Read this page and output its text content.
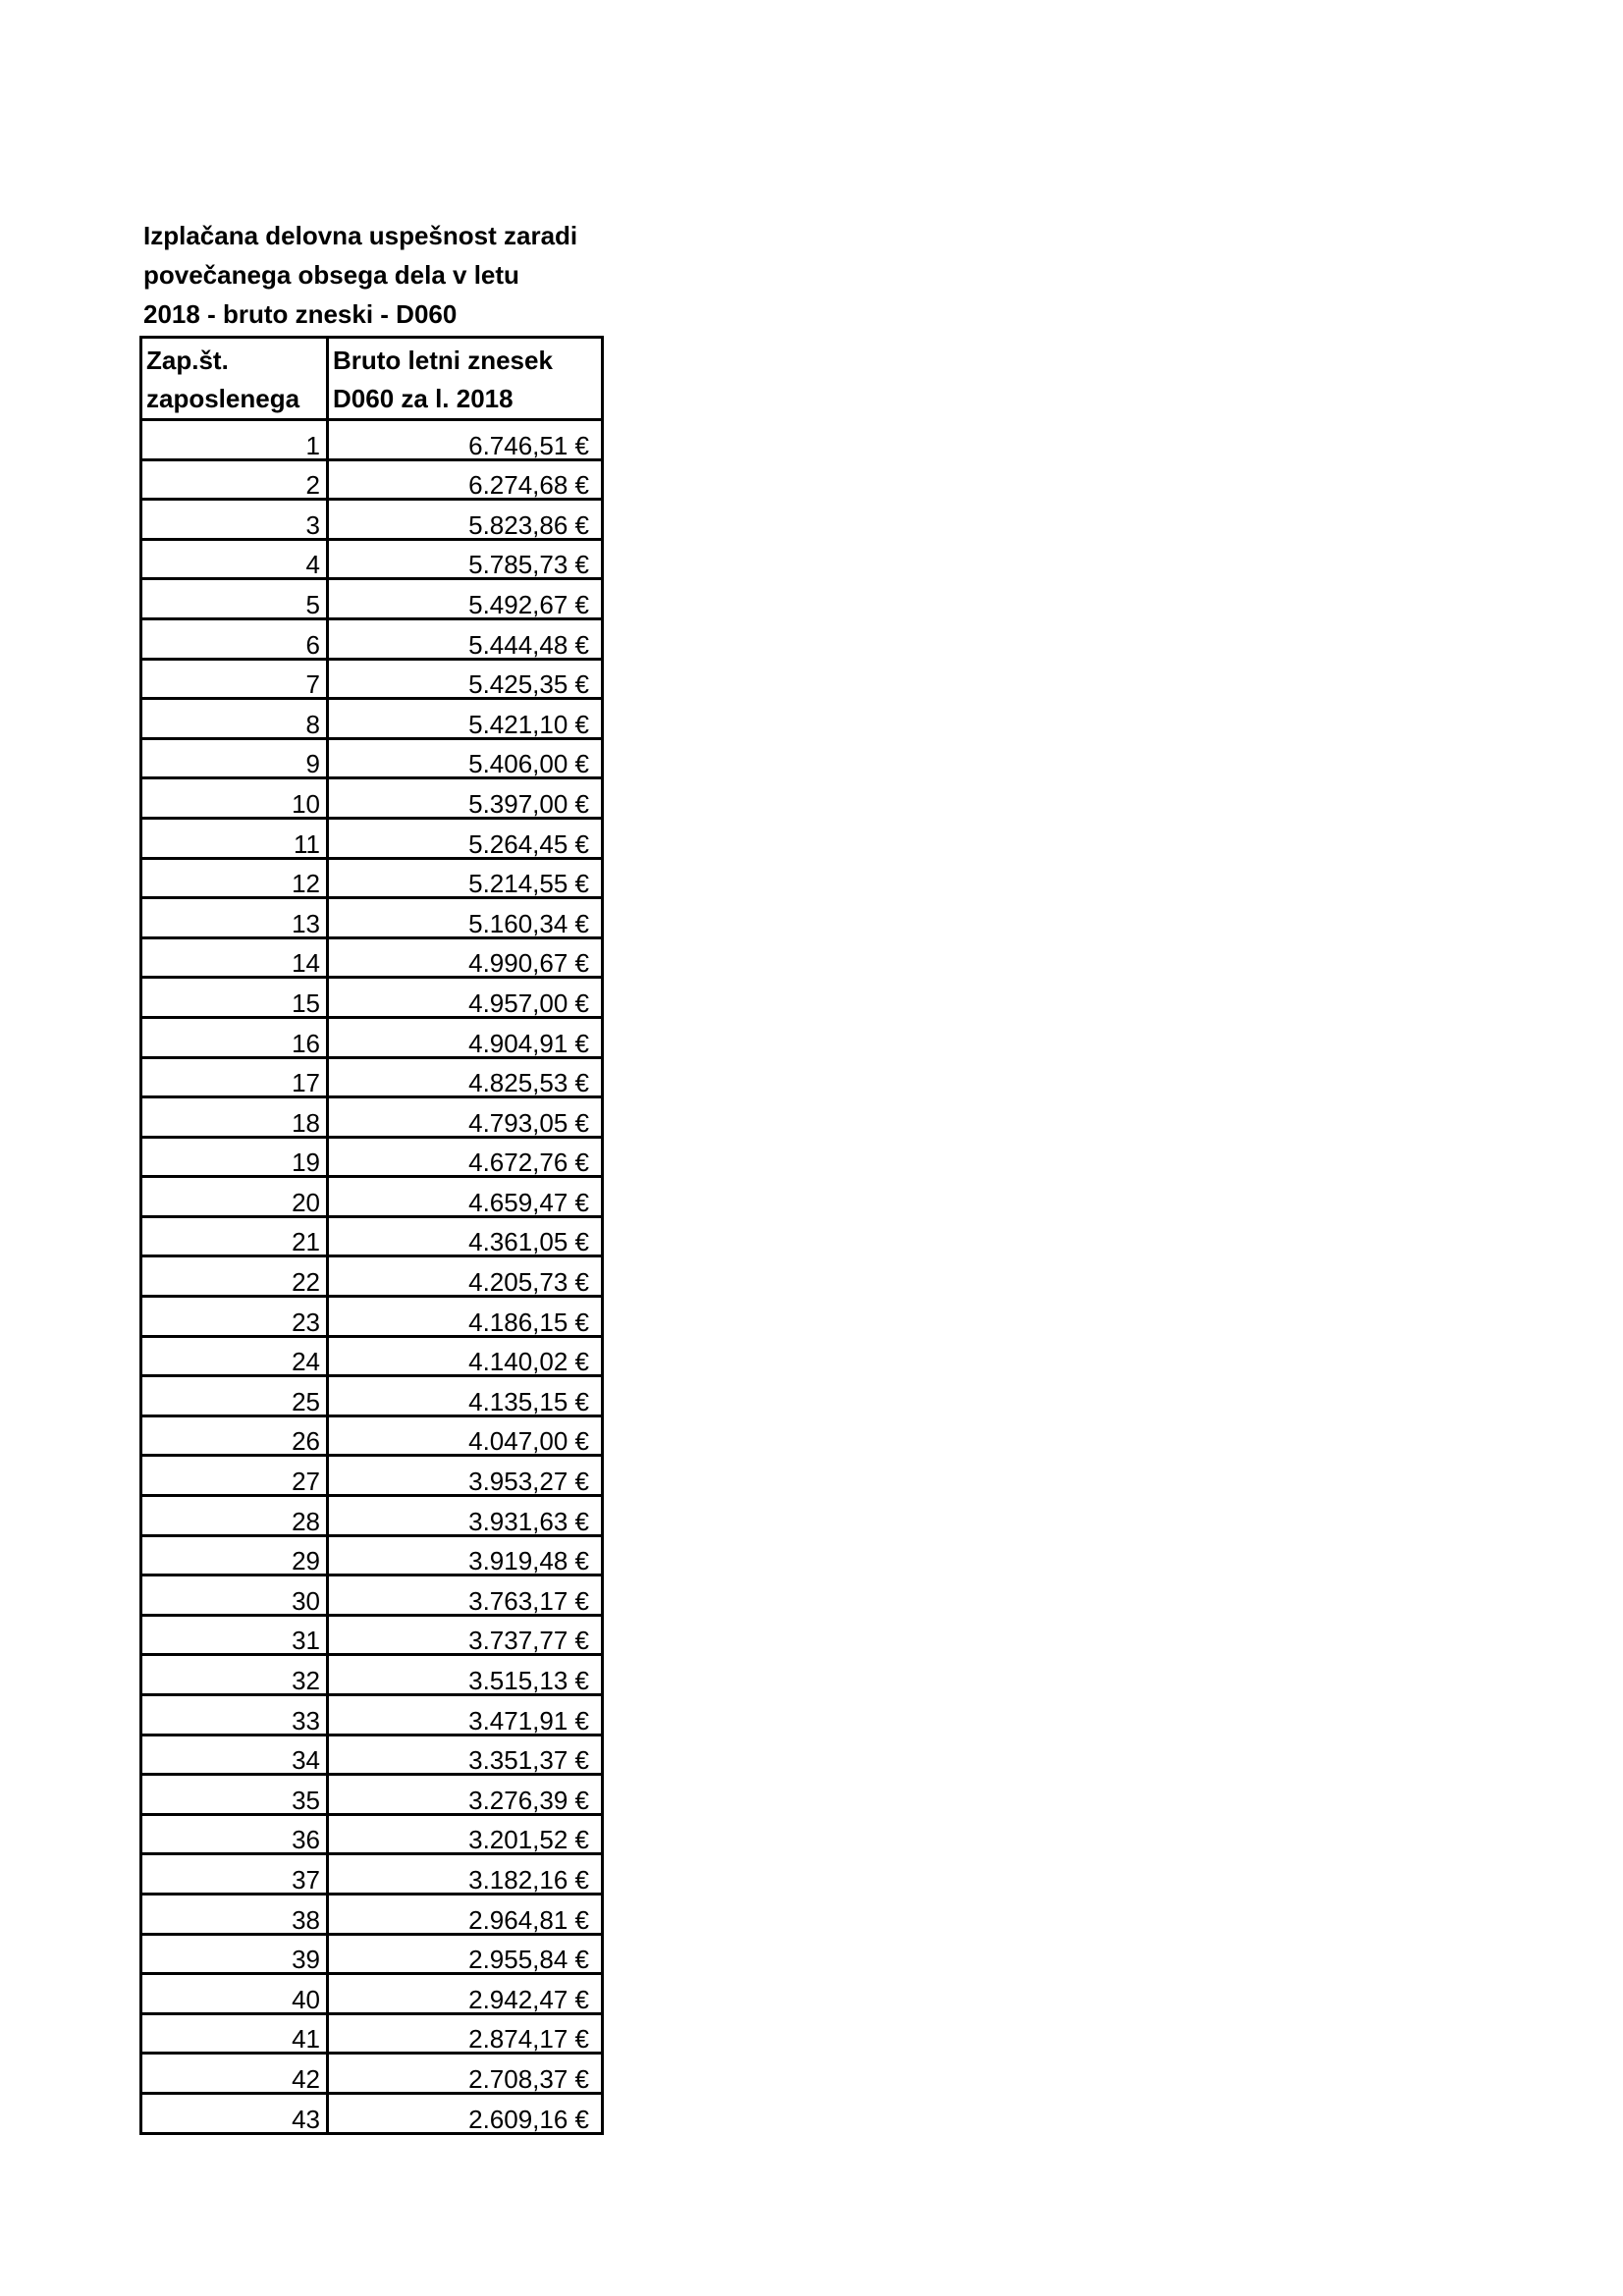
Izplačana delovna uspešnost zaradi
povečanega obsega dela v letu
2018 - bruto zneski - D060
Zap.št.
zaposlenega	Bruto letni znesek
D060 za l. 2018

1	6.746,51 €
2	6.274,68 €
3	5.823,86 €
4	5.785,73 €
5	5.492,67 €
6	5.444,48 €
7	5.425,35 €
8	5.421,10 €
9	5.406,00 €
10	5.397,00 €
11	5.264,45 €
12	5.214,55 €
13	5.160,34 €
14	4.990,67 €
15	4.957,00 €
16	4.904,91 €
17	4.825,53 €
18	4.793,05 €
19	4.672,76 €
20	4.659,47 €
21	4.361,05 €
22	4.205,73 €
23	4.186,15 €
24	4.140,02 €
25	4.135,15 €
26	4.047,00 €
27	3.953,27 €
28	3.931,63 €
29	3.919,48 €
30	3.763,17 €
31	3.737,77 €
32	3.515,13 €
33	3.471,91 €
34	3.351,37 €
35	3.276,39 €
36	3.201,52 €
37	3.182,16 €
38	2.964,81 €
39	2.955,84 €
40	2.942,47 €
41	2.874,17 €
42	2.708,37 €
43	2.609,16 €
